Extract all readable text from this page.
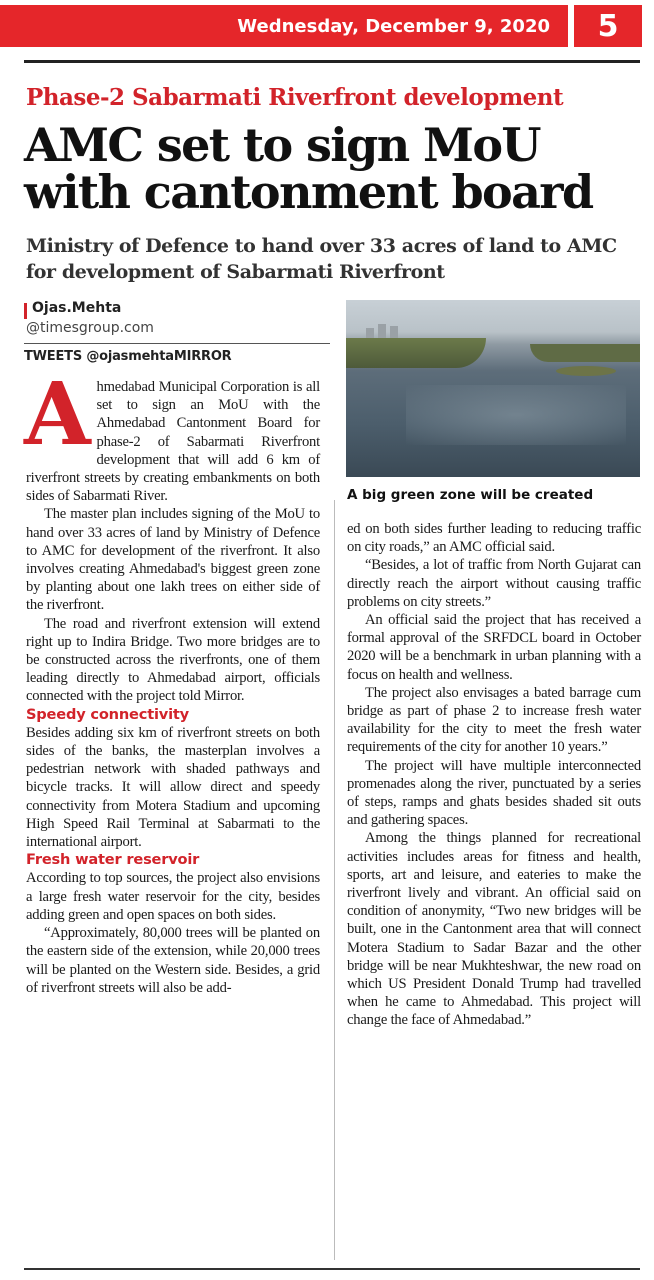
Wednesday, December 9, 2020	5
Phase-2 Sabarmati Riverfront development
AMC set to sign MoU with cantonment board
Ministry of Defence to hand over 33 acres of land to AMC for development of Sabarmati Riverfront
Ojas.Mehta
@timesgroup.com
TWEETS @ojasmehtaMIRROR
A big green zone will be created

Ahmedabad Municipal Corporation is all set to sign an MoU with the Ahmedabad Cantonment Board for phase-2 of Sabarmati Riverfront development that will add 6 km of riverfront streets by creating embankments on both sides of Sabarmati River.

The master plan includes signing of the MoU to hand over 33 acres of land by Ministry of Defence to AMC for development of the riverfront. It also involves creating Ahmedabad's biggest green zone by planting about one lakh trees on either side of the riverfront.

The road and riverfront extension will extend right up to Indira Bridge. Two more bridges are to be constructed across the riverfronts, one of them leading directly to Ahmedabad airport, officials connected with the project told Mirror.

Speedy connectivity

Besides adding six km of riverfront streets on both sides of the banks, the masterplan involves a pedestrian network with shaded pathways and bicycle tracks. It will allow direct and speedy connectivity from Motera Stadium and upcoming High Speed Rail Terminal at Sabarmati to the international airport.

Fresh water reservoir

According to top sources, the project also envisions a large fresh water reservoir for the city, besides adding green and open spaces on both sides.

“Approximately, 80,000 trees will be planted on the eastern side of the extension, while 20,000 trees will be planted on the Western side. Besides, a grid of riverfront streets will also be add-

ed on both sides further leading to reducing traffic on city roads,” an AMC official said.

“Besides, a lot of traffic from North Gujarat can directly reach the airport without causing traffic problems on city streets.”

An official said the project that has received a formal approval of the SRFDCL board in October 2020 will be a benchmark in urban planning with a focus on health and wellness.

The project also envisages a bated barrage cum bridge as part of phase 2 to increase fresh water availability for the city to meet the fresh water requirements of the city for another 10 years.”

The project will have multiple interconnected promenades along the river, punctuated by a series of steps, ramps and ghats besides shaded sit outs and gathering spaces.

Among the things planned for recreational activities includes areas for fitness and health, sports, art and leisure, and eateries to make the riverfront lively and vibrant. An official said on condition of anonymity, “Two new bridges will be built, one in the Cantonment area that will connect Motera Stadium to Sadar Bazar and the other bridge will be near Mukhteshwar, the new road on which US President Donald Trump had travelled when he came to Ahmedabad. This project will change the face of Ahmedabad.”
